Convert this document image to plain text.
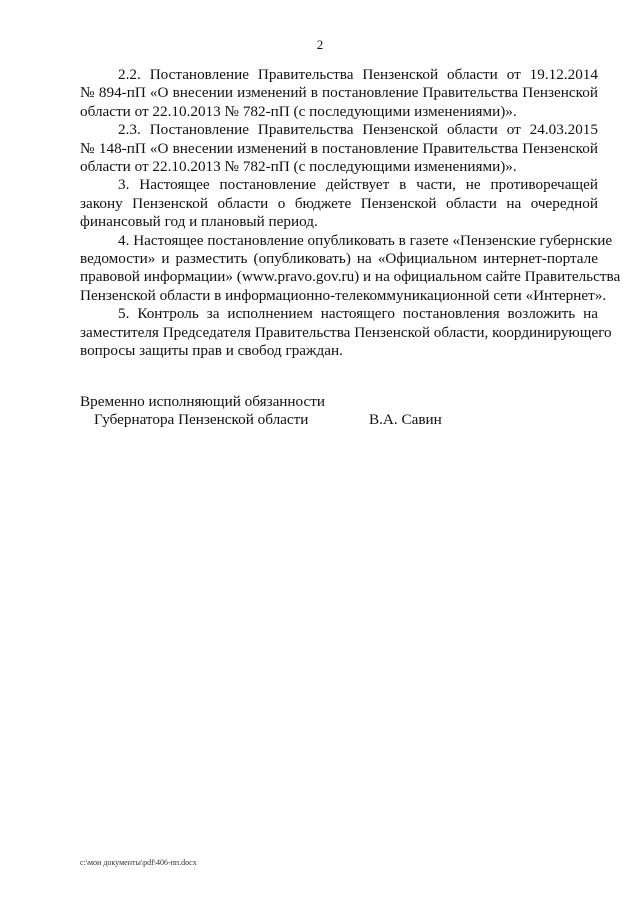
2
2.2. Постановление Правительства Пензенской области от 19.12.2014
№ 894-пП «О внесении изменений в постановление Правительства Пензенской
области от 22.10.2013 № 782-пП (с последующими изменениями)».
2.3. Постановление Правительства Пензенской области от 24.03.2015
№ 148-пП «О внесении изменений в постановление Правительства Пензенской
области от 22.10.2013 № 782-пП (с последующими изменениями)».
3. Настоящее постановление действует в части, не противоречащей
закону Пензенской области о бюджете Пензенской области на очередной
финансовый год и плановый период.
4. Настоящее постановление опубликовать в газете «Пензенские губернские
ведомости» и разместить (опубликовать) на «Официальном интернет-портале
правовой информации» (www.pravo.gov.ru) и на официальном сайте Правительства
Пензенской области в информационно-телекоммуникационной сети «Интернет».
5. Контроль за исполнением настоящего постановления возложить на
заместителя Председателя Правительства Пензенской области, координирующего
вопросы защиты прав и свобод граждан.
Временно исполняющий обязанности
Губернатора Пензенской области	В.А. Савин
c:\мои документы\pdf\406-пп.docx
